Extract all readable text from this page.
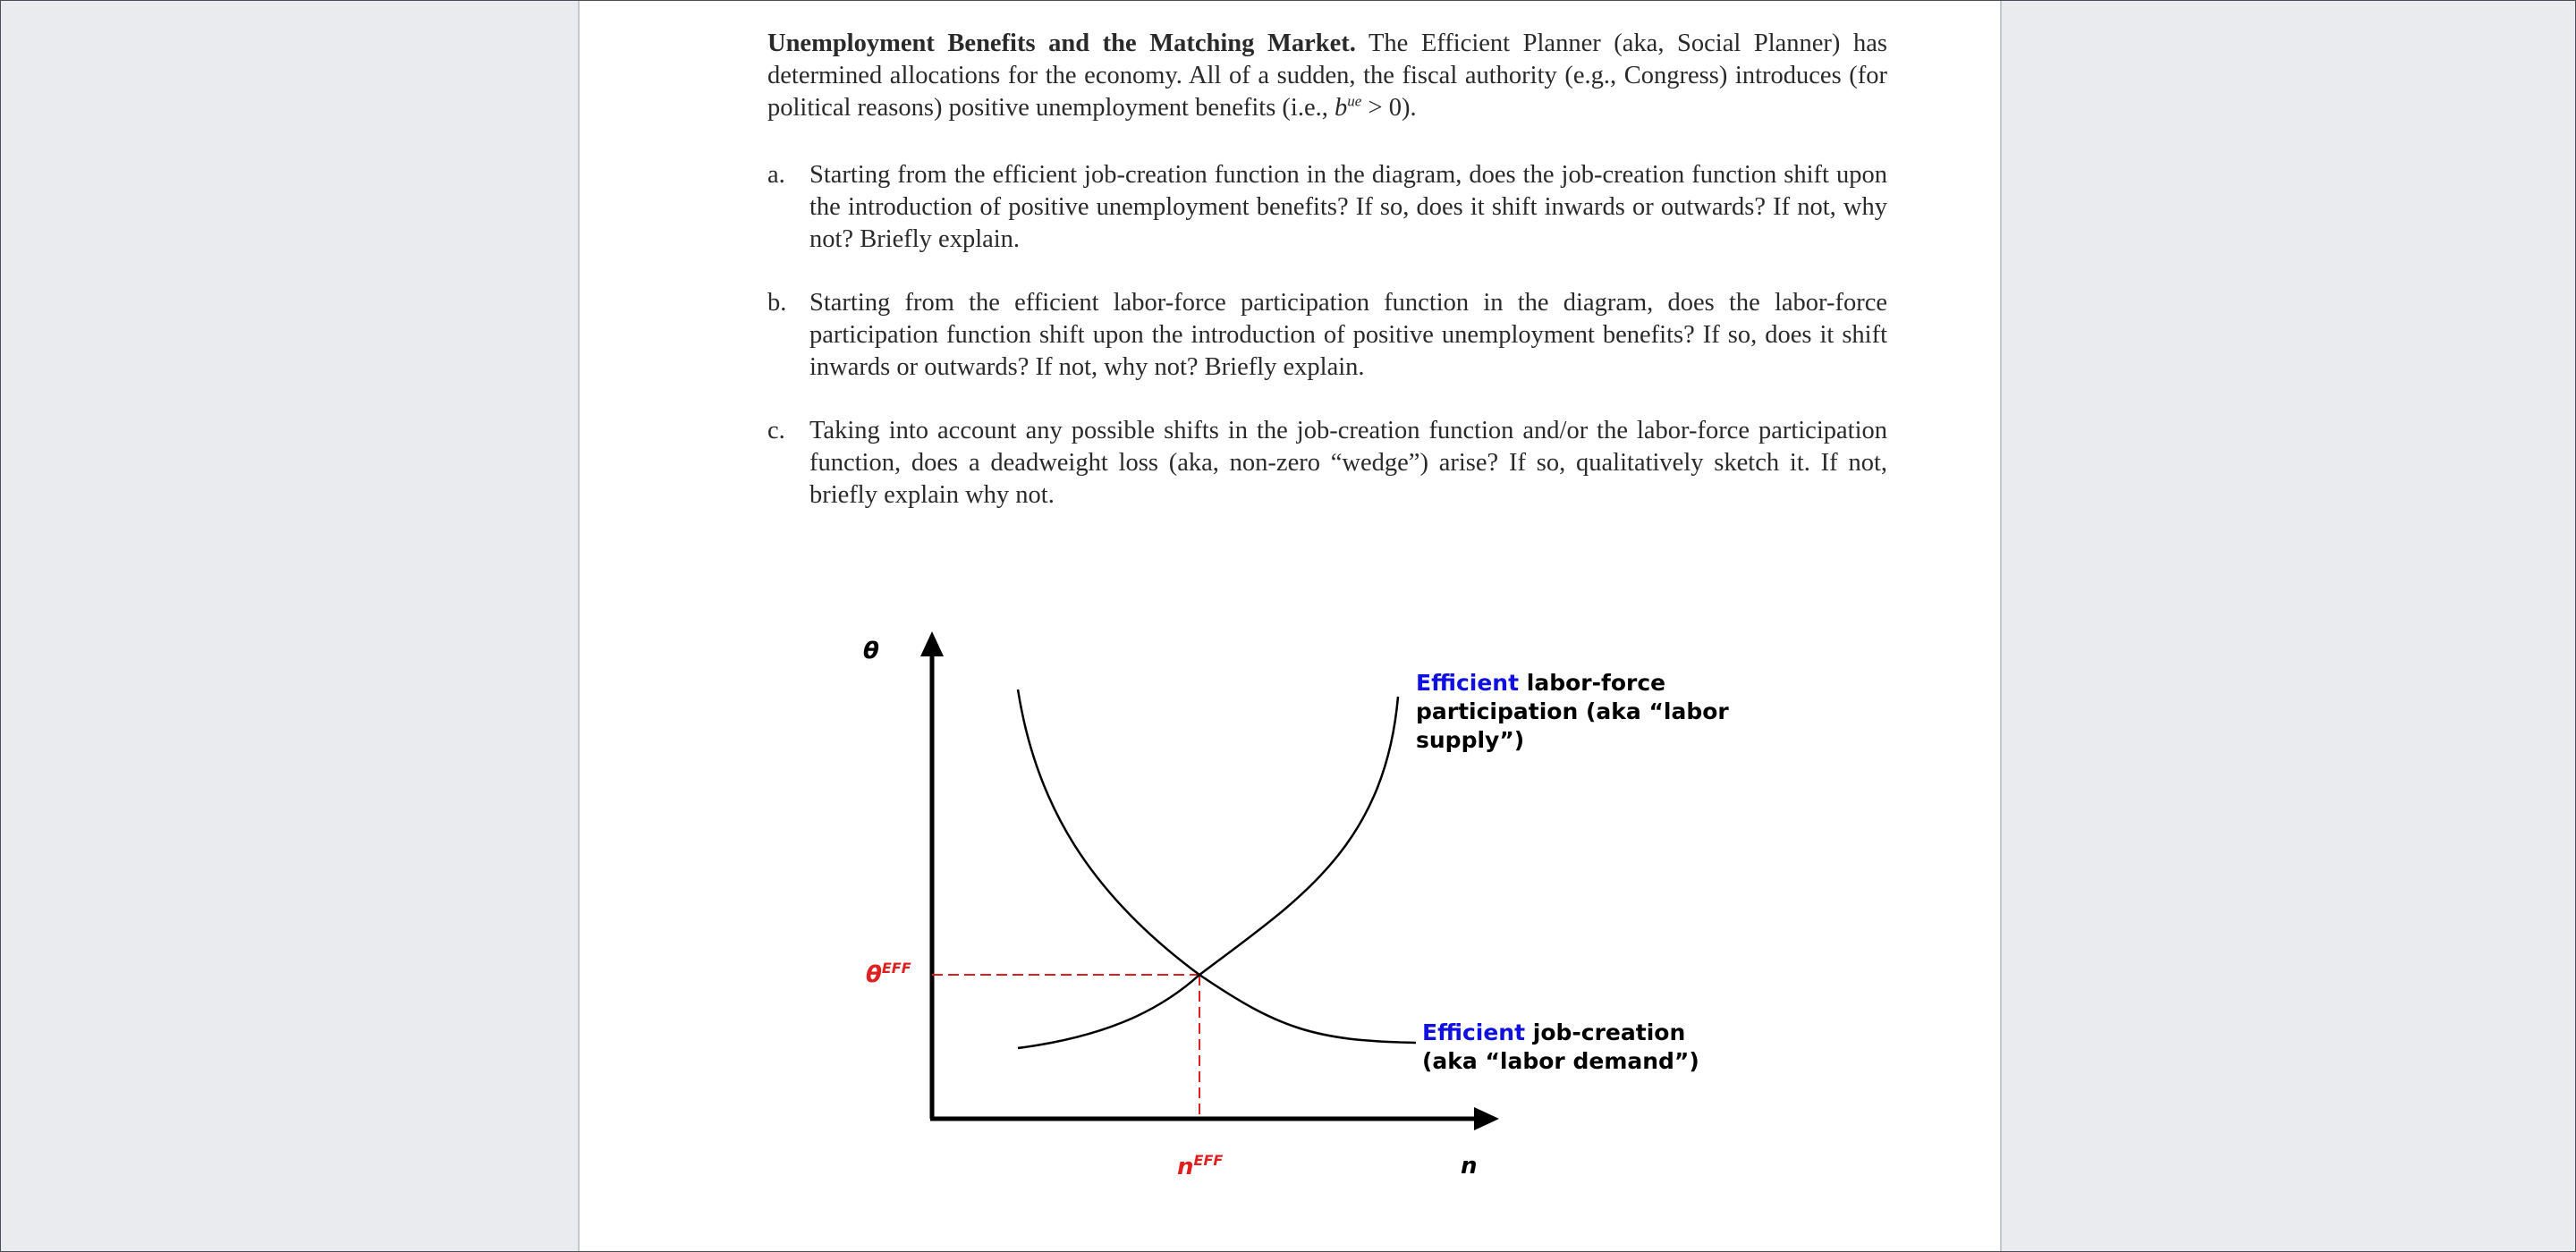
Unemployment Benefits and the Matching Market. The Efficient Planner (aka, Social Planner) has determined allocations for the economy. All of a sudden, the fiscal authority (e.g., Congress) introduces (for political reasons) positive unemployment benefits (i.e., $b^{ue} > 0$).
a. Starting from the efficient job-creation function in the diagram, does the job-creation function shift upon the introduction of positive unemployment benefits? If so, does it shift inwards or outwards? If not, why not? Briefly explain.
b. Starting from the efficient labor-force participation function in the diagram, does the labor-force participation function shift upon the introduction of positive unemployment benefits? If so, does it shift inwards or outwards? If not, why not? Briefly explain.
c. Taking into account any possible shifts in the job-creation function and/or the labor-force participation function, does a deadweight loss (aka, non-zero “wedge”) arise? If so, qualitatively sketch it. If not, briefly explain why not.
θ
n
$\theta^{EFF}$
$n^{EFF}$
Efficient labor-force
participation (aka “labor
supply”)
Efficient job-creation
(aka “labor demand”)
